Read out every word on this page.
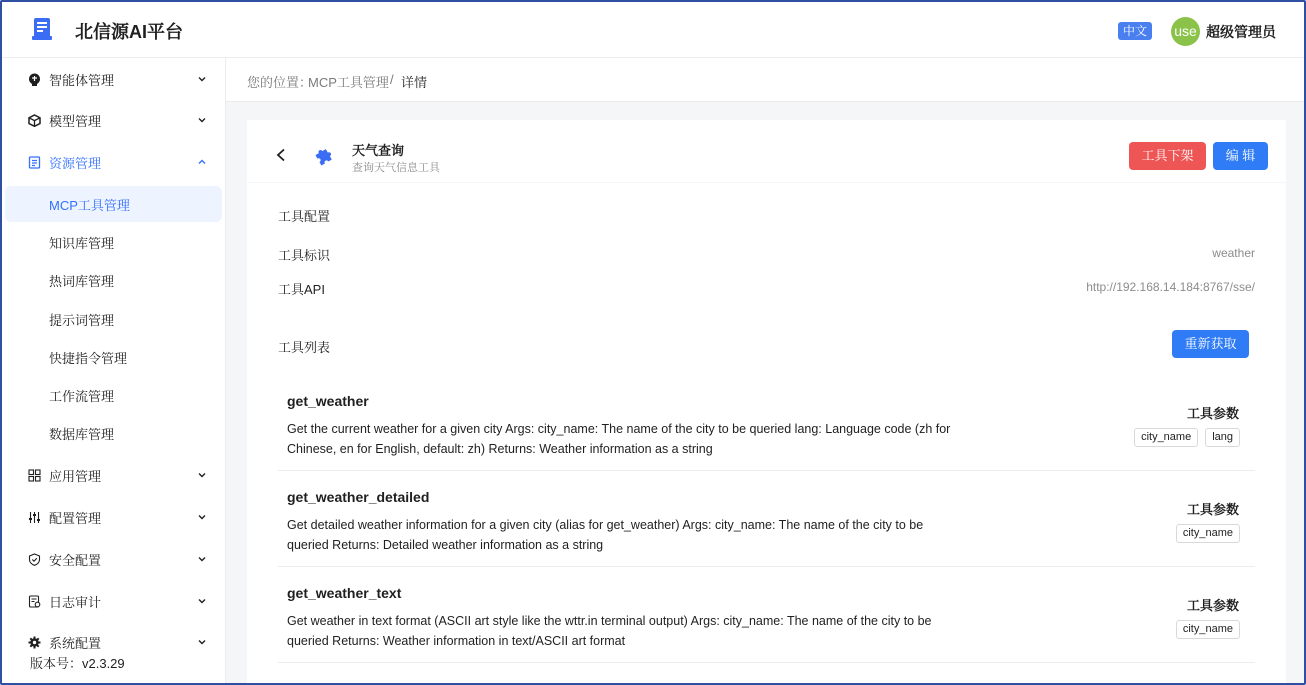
北信源AI平台	中文	use 超级管理员
智能体管理
模型管理
资源管理
MCP工具管理
知识库管理
热词库管理
提示词管理
快捷指令管理
工作流管理
数据库管理
应用管理
配置管理
安全配置
日志审计
系统配置
版本号：v2.3.29
您的位置：
MCP工具管理 / 详情
天气查询
查询天气信息工具
工具下架	编 辑
工具配置
工具标识	weather
工具API	http://192.168.14.184:8767/sse/
工具列表	重新获取
get_weather
Get the current weather for a given city Args: city_name: The name of the city to be queried lang: Language code (zh for Chinese, en for English, default: zh) Returns: Weather information as a string
工具参数
city_name	lang
get_weather_detailed
Get detailed weather information for a given city (alias for get_weather) Args: city_name: The name of the city to be queried Returns: Detailed weather information as a string
工具参数
city_name
get_weather_text
Get weather in text format (ASCII art style like the wttr.in terminal output) Args: city_name: The name of the city to be queried Returns: Weather information in text/ASCII art format
工具参数
city_name
